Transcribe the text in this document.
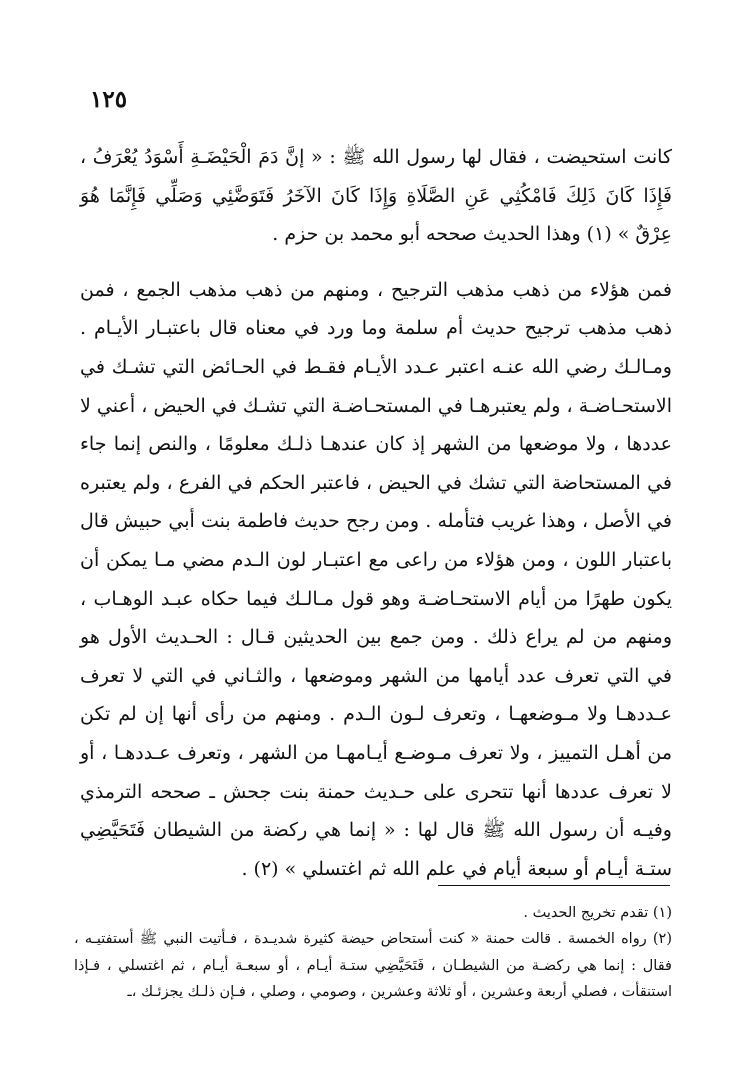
١٢٥

كانت استحيضت ، فقال لها رسول الله ﷺ : « إنَّ دَمَ الْحَيْضَـةِ أَسْوَدُ يُعْرَفُ ، فَإِذَا كَانَ ذَلِكَ فَامْكُثِي عَنِ الصَّلَاةِ وَإِذَا كَانَ الآخَرُ فَتَوَضَّئِي وَصَلِّي فَإِنَّمَا هُوَ عِرْقٌ » (١) وهذا الحديث صححه أبو محمد بن حزم .

فمن هؤلاء من ذهب مذهب الترجيح ، ومنهم من ذهب مذهب الجمع ، فمن ذهب مذهب ترجيح حديث أم سلمة وما ورد في معناه قال باعتبـار الأيـام . ومـالـك رضي الله عنـه اعتبر عـدد الأيـام فقـط في الحـائض التي تشـك في الاستحـاضـة ، ولم يعتبرهـا في المستحـاضـة التي تشـك في الحيض ، أعني لا عددها ، ولا موضعها من الشهر إذ كان عندهـا ذلـك معلومًا ، والنص إنما جاء في المستحاضة التي تشك في الحيض ، فاعتبر الحكم في الفرع ، ولم يعتبره في الأصل ، وهذا غريب فتأمله . ومن رجح حديث فاطمة بنت أبي حبيش قال باعتبار اللون ، ومن هؤلاء من راعى مع اعتبـار لون الـدم مضي مـا يمكن أن يكون طهرًا من أيام الاستحـاضـة وهو قول مـالـك فيما حكاه عبـد الوهـاب ، ومنهم من لم يراع ذلك . ومن جمع بين الحديثين قـال : الحـديث الأول هو في التي تعرف عدد أيامها من الشهر وموضعها ، والثـاني في التي لا تعرف عـددهـا ولا مـوضعهـا ، وتعرف لـون الـدم . ومنهم من رأى أنها إن لم تكن من أهـل التمييز ، ولا تعرف مـوضـع أيـامهـا من الشهر ، وتعرف عـددهـا ، أو لا تعرف عددها أنها تتحرى على حـديث حمنة بنت جحش ـ صححه الترمذي وفيـه أن رسول الله ﷺ قال لها : « إنما هي ركضة من الشيطان فَتَحَيَّضِي ستـة أيـام أو سبعة أيام في علم الله ثم اغتسلي » (٢) .

(١) تقدم تخريج الحديث .

(٢) رواه الخمسة . قالت حمنة « كنت أستحاض حيضة كثيرة شديـدة ، فـأتيت النبي ﷺ أستفتيـه ، فقال : إنما هي ركضـة من الشيطـان ، فَتَحَيَّضِي ستـة أيـام ، أو سبعـة أيـام ، ثم اغتسلي ، فـإذا استنقأت ، فصلي أربعة وعشرين ، أو ثلاثة وعشرين ، وصومي ، وصلي ، فـإن ذلـك يجزئـك ،ـ
